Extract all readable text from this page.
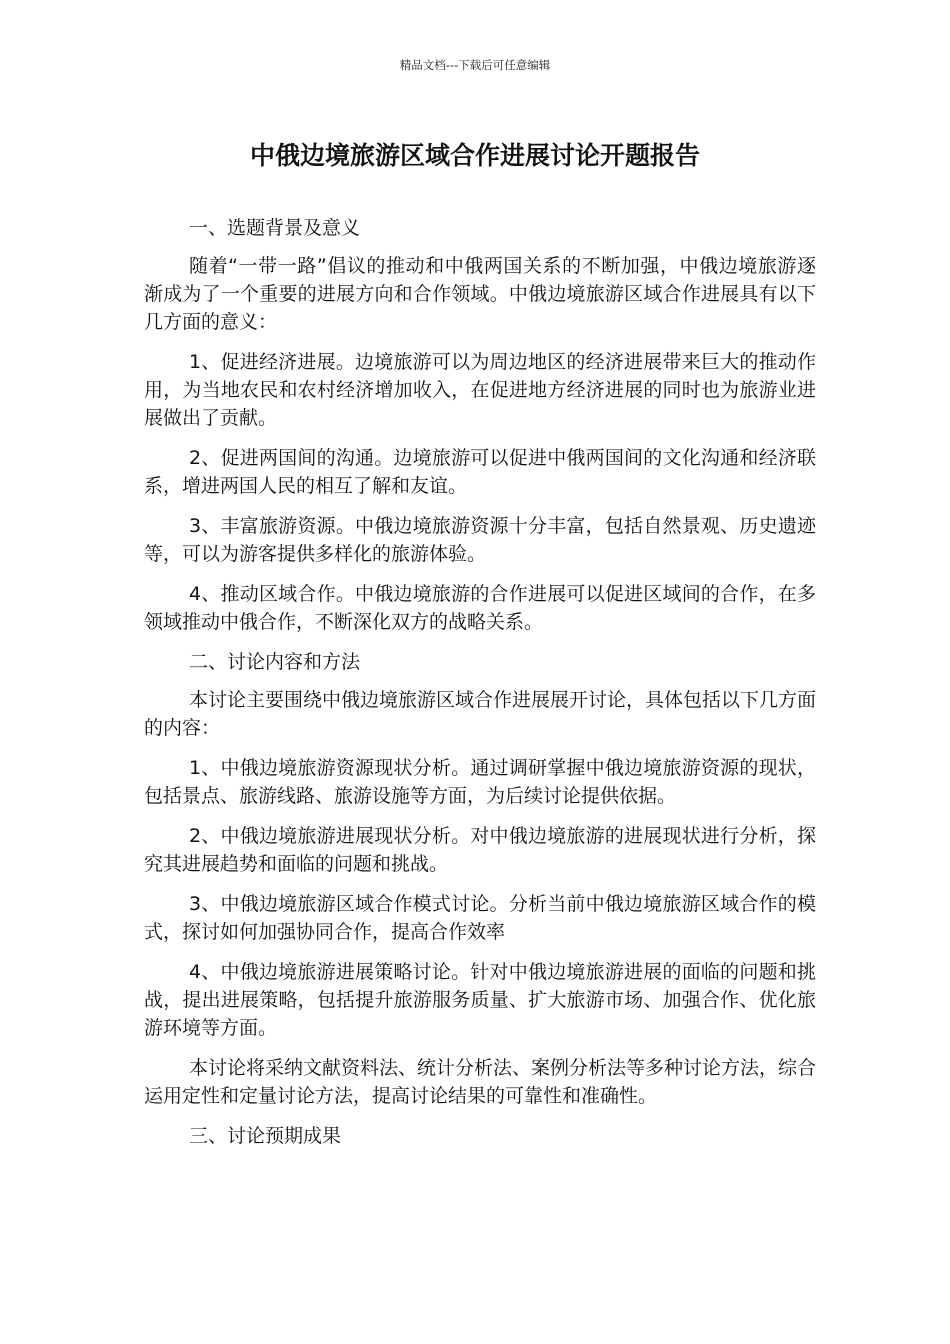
精品文档---下载后可任意编辑
中俄边境旅游区域合作进展讨论开题报告

一、选题背景及意义

随着“一带一路”倡议的推动和中俄两国关系的不断加强，中俄边境旅游逐渐成为了一个重要的进展方向和合作领域。中俄边境旅游区域合作进展具有以下几方面的意义：

1、促进经济进展。边境旅游可以为周边地区的经济进展带来巨大的推动作用，为当地农民和农村经济增加收入，在促进地方经济进展的同时也为旅游业进展做出了贡献。

2、促进两国间的沟通。边境旅游可以促进中俄两国间的文化沟通和经济联系，增进两国人民的相互了解和友谊。

3、丰富旅游资源。中俄边境旅游资源十分丰富，包括自然景观、历史遗迹等，可以为游客提供多样化的旅游体验。

4、推动区域合作。中俄边境旅游的合作进展可以促进区域间的合作，在多领域推动中俄合作，不断深化双方的战略关系。

二、讨论内容和方法

本讨论主要围绕中俄边境旅游区域合作进展展开讨论，具体包括以下几方面的内容：

1、中俄边境旅游资源现状分析。通过调研掌握中俄边境旅游资源的现状，包括景点、旅游线路、旅游设施等方面，为后续讨论提供依据。

2、中俄边境旅游进展现状分析。对中俄边境旅游的进展现状进行分析，探究其进展趋势和面临的问题和挑战。

3、中俄边境旅游区域合作模式讨论。分析当前中俄边境旅游区域合作的模式，探讨如何加强协同合作，提高合作效率

4、中俄边境旅游进展策略讨论。针对中俄边境旅游进展的面临的问题和挑战，提出进展策略，包括提升旅游服务质量、扩大旅游市场、加强合作、优化旅游环境等方面。

本讨论将采纳文献资料法、统计分析法、案例分析法等多种讨论方法，综合运用定性和定量讨论方法，提高讨论结果的可靠性和准确性。

三、讨论预期成果
